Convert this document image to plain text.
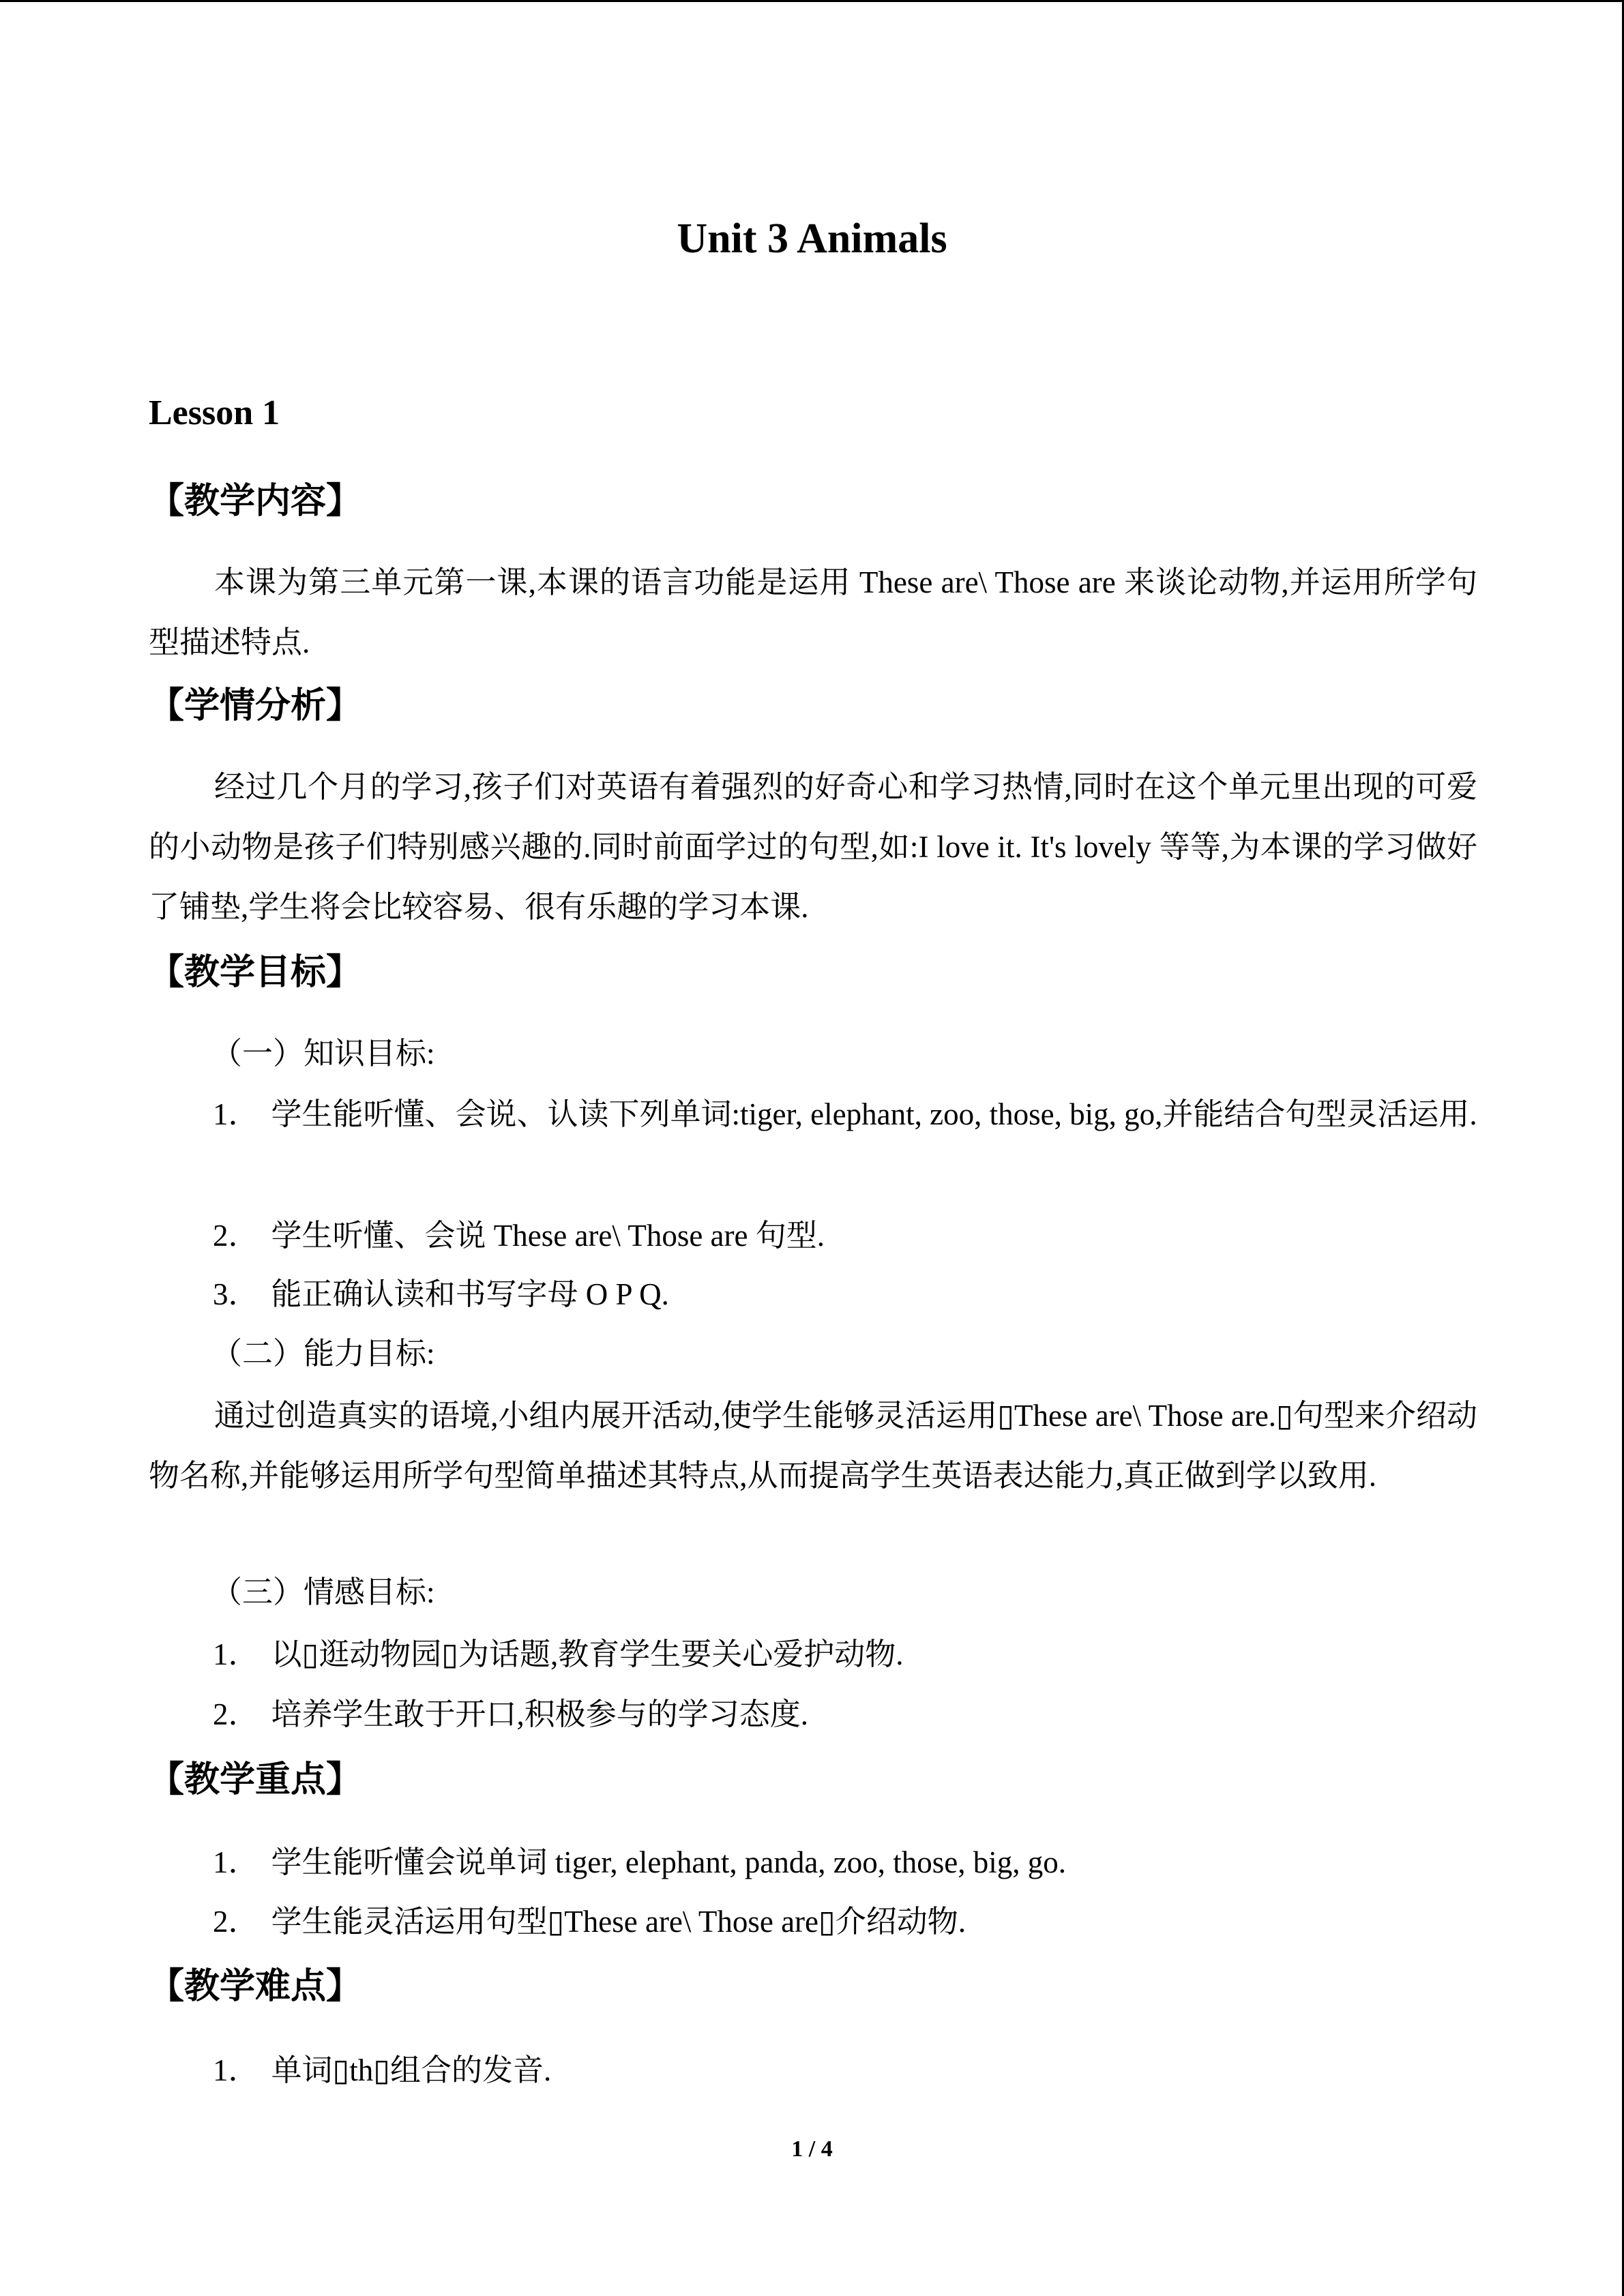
Unit 3 Animals
Lesson 1
【教学内容】
本课为第三单元第一课,本课的语言功能是运用 These are\ Those are 来谈论动物,并运用所学句型描述特点.
【学情分析】
经过几个月的学习,孩子们对英语有着强烈的好奇心和学习热情,同时在这个单元里出现的可爱的小动物是孩子们特别感兴趣的.同时前面学过的句型,如:I love it. It's lovely 等等,为本课的学习做好了铺垫,学生将会比较容易、很有乐趣的学习本课.
【教学目标】
（一）知识目标:
1． 学生能听懂、会说、认读下列单词:tiger, elephant, zoo, those, big, go,并能结合句型灵活运用.
2． 学生听懂、会说 These are\ Those are 句型.
3． 能正确认读和书写字母 O P Q.
（二）能力目标:
通过创造真实的语境,小组内展开活动,使学生能够灵活运用▯These are\ Those are.▯句型来介绍动物名称,并能够运用所学句型简单描述其特点,从而提高学生英语表达能力,真正做到学以致用.
（三）情感目标:
1． 以▯逛动物园▯为话题,教育学生要关心爱护动物.
2． 培养学生敢于开口,积极参与的学习态度.
【教学重点】
1． 学生能听懂会说单词 tiger, elephant, panda, zoo, those, big, go.
2． 学生能灵活运用句型▯These are\ Those are▯介绍动物.
【教学难点】
1． 单词▯th▯组合的发音.
1 / 4
